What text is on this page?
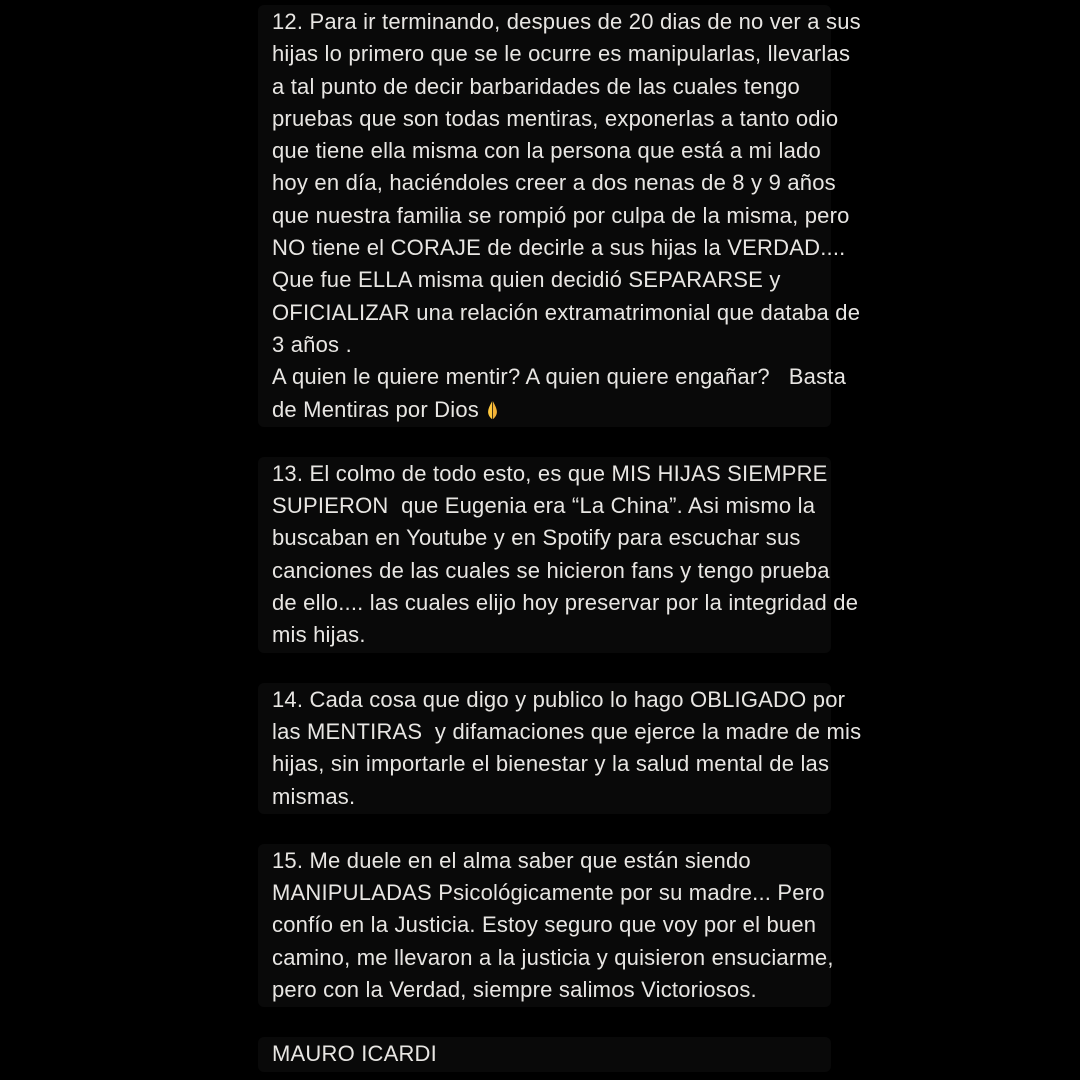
12. Para ir terminando, despues de 20 dias de no ver a sus
hijas lo primero que se le ocurre es manipularlas, llevarlas
a tal punto de decir barbaridades de las cuales tengo
pruebas que son todas mentiras, exponerlas a tanto odio
que tiene ella misma con la persona que está a mi lado
hoy en día, haciéndoles creer a dos nenas de 8 y 9 años
que nuestra familia se rompió por culpa de la misma, pero
NO tiene el CORAJE de decirle a sus hijas la VERDAD....
Que fue ELLA misma quien decidió SEPARARSE y
OFICIALIZAR una relación extramatrimonial que databa de
3 años .
A quien le quiere mentir? A quien quiere engañar?   Basta
de Mentiras por Dios
13. El colmo de todo esto, es que MIS HIJAS SIEMPRE
SUPIERON  que Eugenia era “La China”. Asi mismo la
buscaban en Youtube y en Spotify para escuchar sus
canciones de las cuales se hicieron fans y tengo prueba
de ello.... las cuales elijo hoy preservar por la integridad de
mis hijas.
14. Cada cosa que digo y publico lo hago OBLIGADO por
las MENTIRAS  y difamaciones que ejerce la madre de mis
hijas, sin importarle el bienestar y la salud mental de las
mismas.
15. Me duele en el alma saber que están siendo
MANIPULADAS Psicológicamente por su madre... Pero
confío en la Justicia. Estoy seguro que voy por el buen
camino, me llevaron a la justicia y quisieron ensuciarme,
pero con la Verdad, siempre salimos Victoriosos.
MAURO ICARDI
